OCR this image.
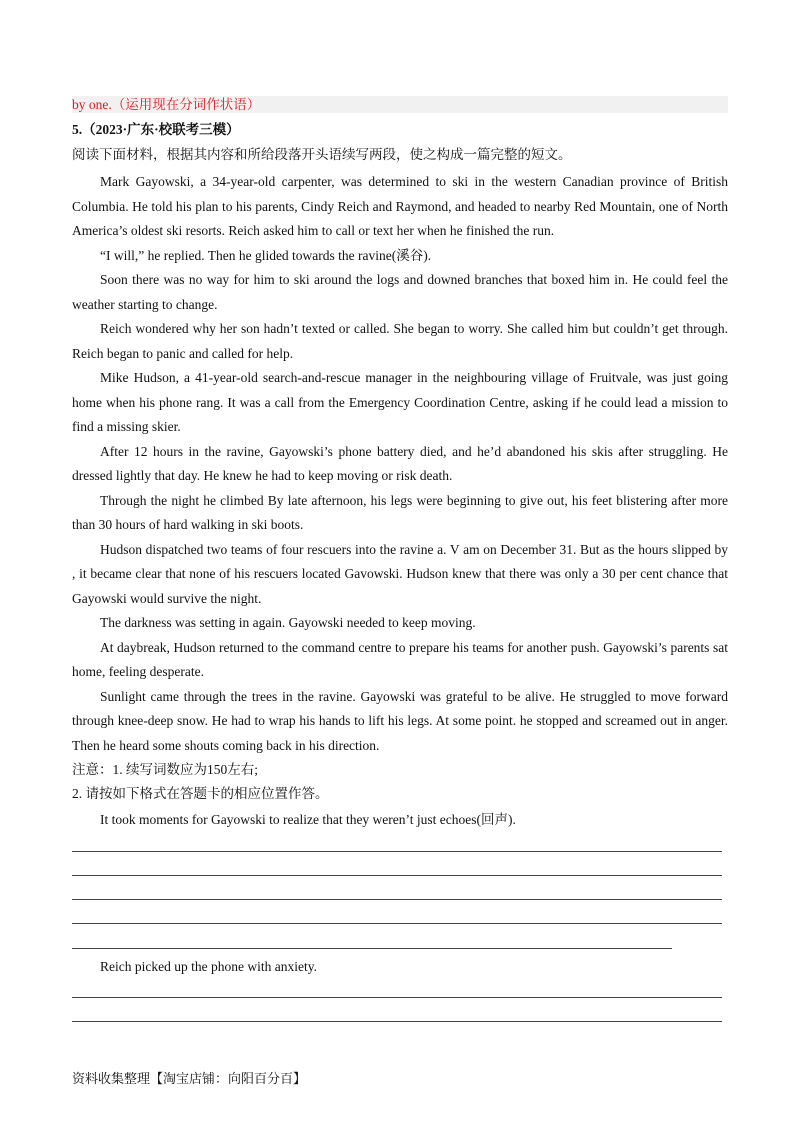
by one.（运用现在分词作状语）
5.（2023·广东·校联考三模）
阅读下面材料，根据其内容和所给段落开头语续写两段，使之构成一篇完整的短文。

Mark Gayowski, a 34-year-old carpenter, was determined to ski in the western Canadian province of British Columbia. He told his plan to his parents, Cindy Reich and Raymond, and headed to nearby Red Mountain, one of North America’s oldest ski resorts. Reich asked him to call or text her when he finished the run.

“I will,” he replied. Then he glided towards the ravine(溪谷).

Soon there was no way for him to ski around the logs and downed branches that boxed him in. He could feel the weather starting to change.

Reich wondered why her son hadn’t texted or called. She began to worry. She called him but couldn’t get through. Reich began to panic and called for help.

Mike Hudson, a 41-year-old search-and-rescue manager in the neighbouring village of Fruitvale, was just going home when his phone rang. It was a call from the Emergency Coordination Centre, asking if he could lead a mission to find a missing skier.

After 12 hours in the ravine, Gayowski’s phone battery died, and he’d abandoned his skis after struggling. He dressed lightly that day. He knew he had to keep moving or risk death.

Through the night he climbed By late afternoon, his legs were beginning to give out, his feet blistering after more than 30 hours of hard walking in ski boots.

Hudson dispatched two teams of four rescuers into the ravine a. V am on December 31. But as the hours slipped by , it became clear that none of his rescuers located Gavowski. Hudson knew that there was only a 30 per cent chance that Gayowski would survive the night.

The darkness was setting in again. Gayowski needed to keep moving.

At daybreak, Hudson returned to the command centre to prepare his teams for another push. Gayowski’s parents sat home, feeling desperate.

Sunlight came through the trees in the ravine. Gayowski was grateful to be alive. He struggled to move forward through knee-deep snow. He had to wrap his hands to lift his legs. At some point. he stopped and screamed out in anger. Then he heard some shouts coming back in his direction.

注意：1. 续写词数应为150左右;
2. 请按如下格式在答题卡的相应位置作答。
It took moments for Gayowski to realize that they weren’t just echoes(回声).
Reich picked up the phone with anxiety.
资料收集整理【淘宝店铺：向阳百分百】
